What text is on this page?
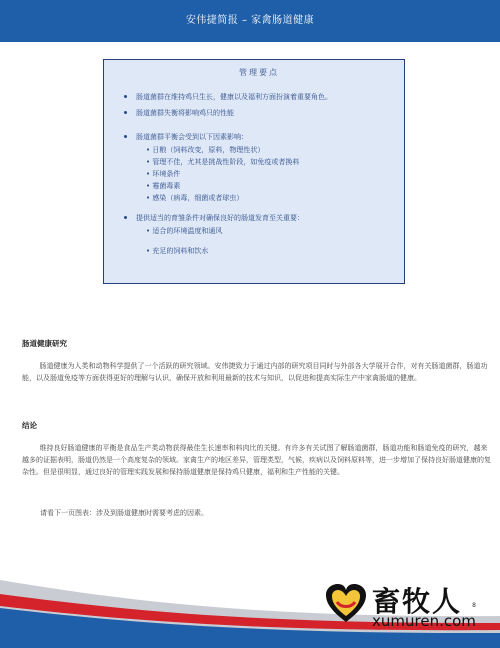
安伟捷简报 – 家禽肠道健康
管理要点
肠道菌群在维持鸡只生长，健康以及福利方面扮演着重要角色。
肠道菌群失衡将影响鸡只的性能
肠道菌群平衡会受到以下因素影响：
• 日粮（饲料改变，原料，物理性状）
• 管理不佳，尤其是挑战性阶段，如免疫或者换料
• 环境条件
• 霉菌毒素
• 感染（病毒，细菌或者球虫）
提供适当的育雏条件对确保良好的肠道发育至关重要：
• 适合的环境温度和通风
• 充足的饲料和饮水
肠道健康研究

肠道健康为人类和动物科学提供了一个活跃的研究领域。安伟捷致力于通过内部的研究项目同时与外部各大学展开合作，对有关肠道菌群，肠道功能，以及肠道免疫等方面获得更好的理解与认识，确保开放和利用最新的技术与知识，以促进和提高实际生产中家禽肠道的健康。

结论

维持良好肠道健康的平衡是食品生产类动物获得最佳生长速率和料肉比的关键。有许多有关试图了解肠道菌群，肠道功能和肠道免疫的研究，越来越多的证据表明，肠道仍然是一个高度复杂的领域。家禽生产的地区差异，管理类型，气候，疾病以及饲料原料等，进一步增加了保持良好肠道健康的复杂性。但是很明显，通过良好的管理实践发展和保持肠道健康是保持鸡只健康，福利和生产性能的关键。

请看下一页图表：涉及到肠道健康时需要考虑的因素。
畜牧人
xumuren.com
8
